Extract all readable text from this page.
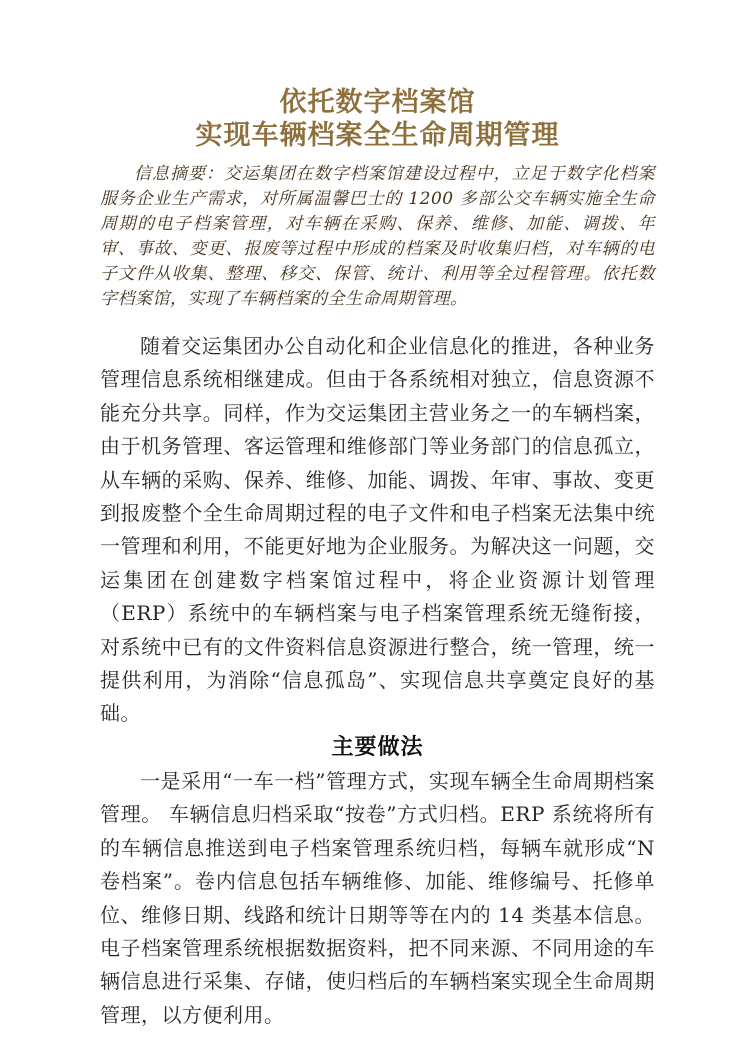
依托数字档案馆
实现车辆档案全生命周期管理

信息摘要：交运集团在数字档案馆建设过程中，立足于数字化档案服务企业生产需求，对所属温馨巴士的 1200 多部公交车辆实施全生命周期的电子档案管理，对车辆在采购、保养、维修、加能、调拨、年审、事故、变更、报废等过程中形成的档案及时收集归档，对车辆的电子文件从收集、整理、移交、保管、统计、利用等全过程管理。依托数字档案馆，实现了车辆档案的全生命周期管理。

随着交运集团办公自动化和企业信息化的推进，各种业务管理信息系统相继建成。但由于各系统相对独立，信息资源不能充分共享。同样，作为交运集团主营业务之一的车辆档案，由于机务管理、客运管理和维修部门等业务部门的信息孤立，从车辆的采购、保养、维修、加能、调拨、年审、事故、变更到报废整个全生命周期过程的电子文件和电子档案无法集中统一管理和利用，不能更好地为企业服务。为解决这一问题，交运集团在创建数字档案馆过程中，将企业资源计划管理（ERP）系统中的车辆档案与电子档案管理系统无缝衔接，对系统中已有的文件资料信息资源进行整合，统一管理，统一提供利用，为消除“信息孤岛”、实现信息共享奠定良好的基础。

主要做法

一是采用“一车一档”管理方式，实现车辆全生命周期档案管理。 车辆信息归档采取“按卷”方式归档。ERP 系统将所有的车辆信息推送到电子档案管理系统归档，每辆车就形成“N 卷档案”。卷内信息包括车辆维修、加能、维修编号、托修单位、维修日期、线路和统计日期等等在内的 14 类基本信息。电子档案管理系统根据数据资料，把不同来源、不同用途的车辆信息进行采集、存储，使归档后的车辆档案实现全生命周期管理，以方便利用。
